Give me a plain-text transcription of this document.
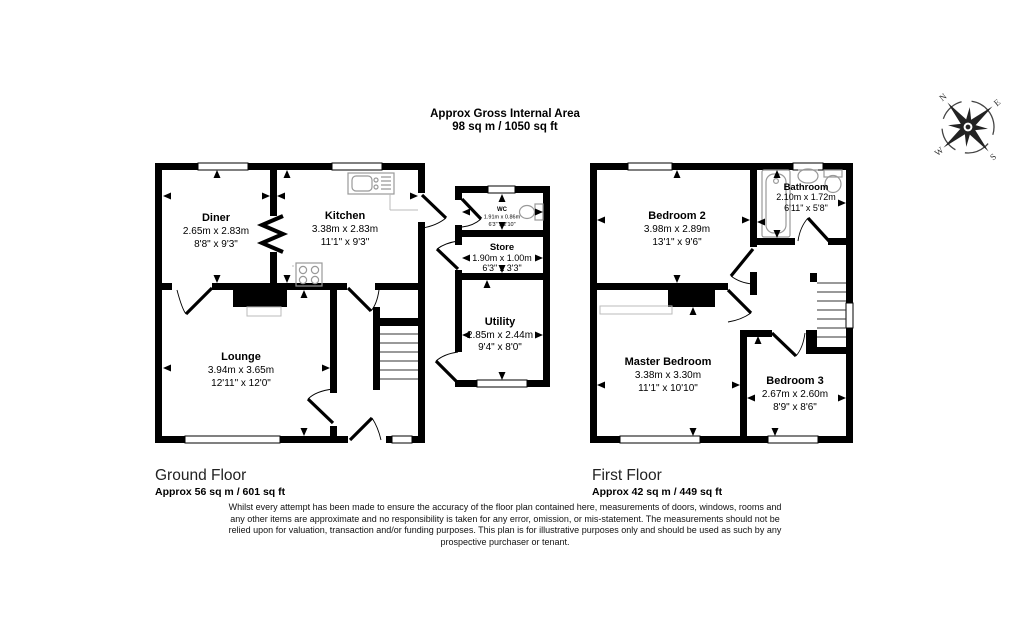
Approx Gross Internal Area
98 sq m / 1050 sq ft
Diner
2.65m x 2.83m
8'8" x 9'3"
Kitchen
3.38m x 2.83m
11'1" x 9'3"
Lounge
3.94m x 3.65m
12'11" x 12'0"
WC
1.91m x 0.86m
6'3" x 2'10"
Store
1.90m x 1.00m
6'3" x 3'3"
Utility
2.85m x 2.44m
9'4" x 8'0"
Bedroom 2
3.98m x 2.89m
13'1" x 9'6"
Bathroom
2.10m x 1.72m
6'11" x 5'8"
Master Bedroom
3.38m x 3.30m
11'1" x 10'10"
Bedroom 3
2.67m x 2.60m
8'9" x 8'6"
N	E
S
W
Ground Floor
Approx 56 sq m / 601 sq ft
First Floor
Approx 42 sq m / 449 sq ft
Whilst every attempt has been made to ensure the accuracy of the floor plan contained here, measurements of doors, windows, rooms and any other items are approximate and no responsibility is taken for any error, omission, or mis-statement. The measurements should not be relied upon for valuation, transaction and/or funding purposes. This plan is for illustrative purposes only and should be used as such by any prospective purchaser or tenant.
